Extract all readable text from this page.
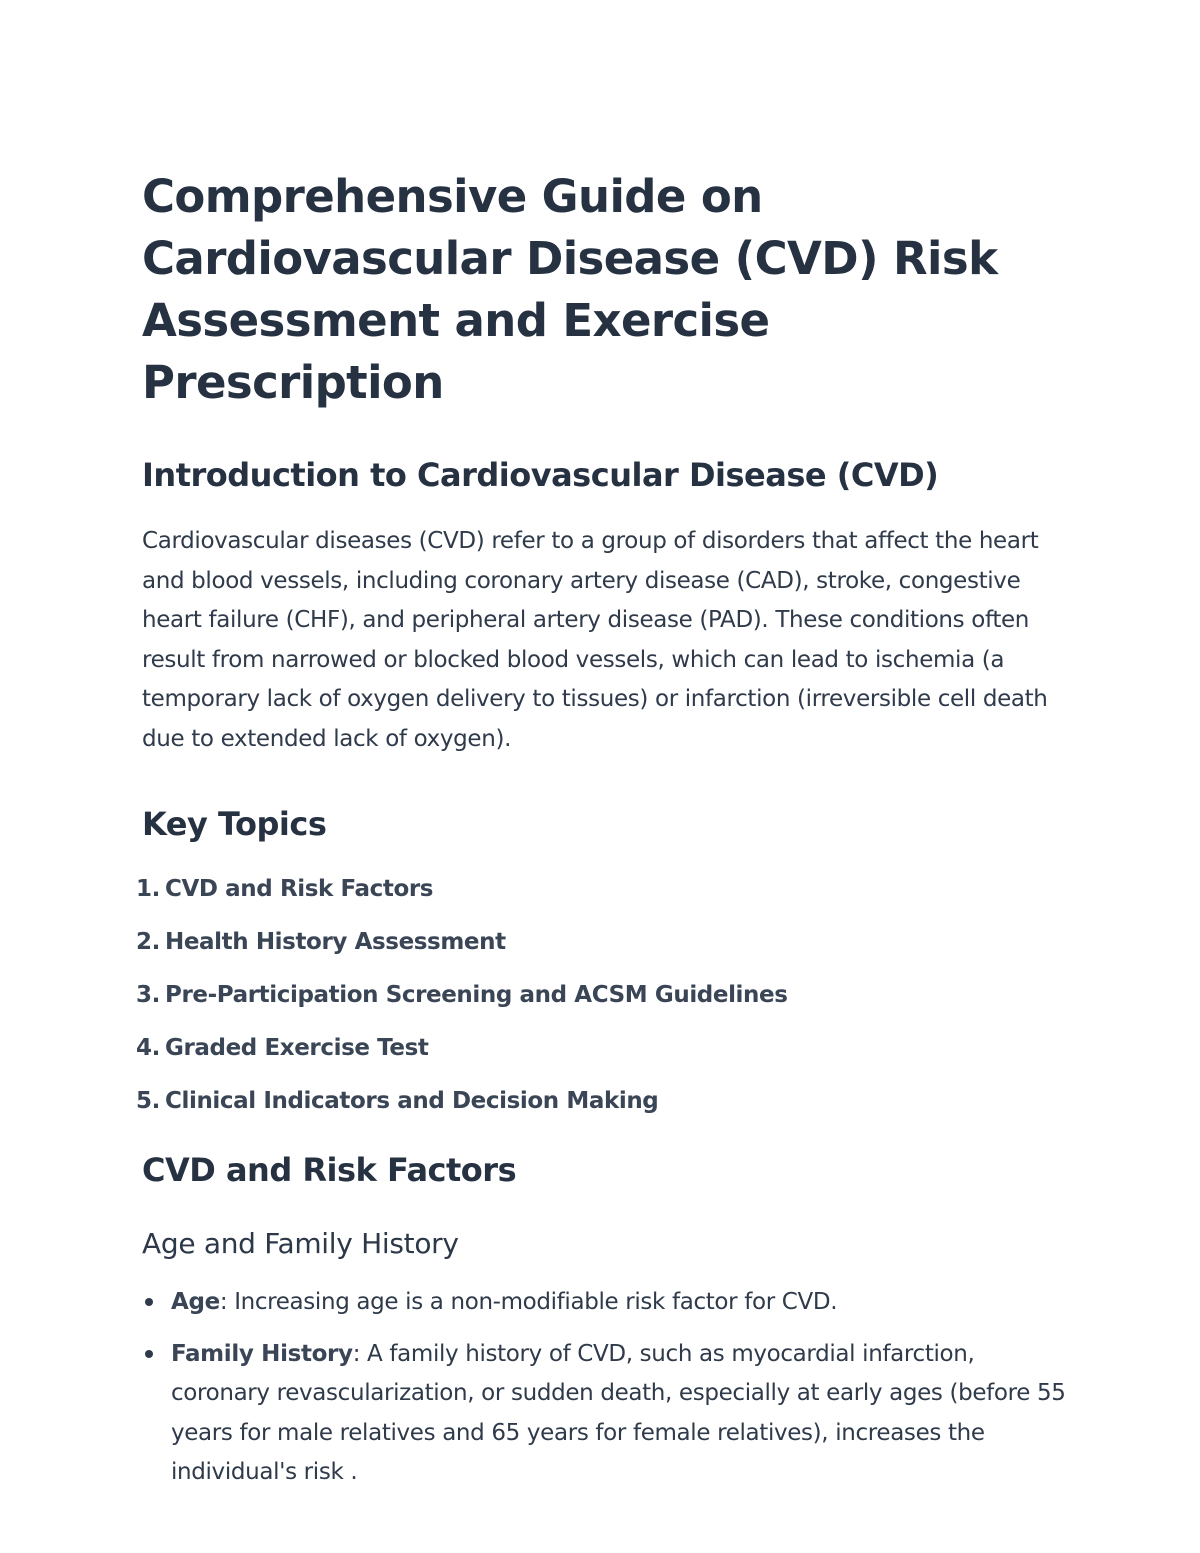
Comprehensive Guide on Cardiovascular Disease (CVD) Risk Assessment and Exercise Prescription
Introduction to Cardiovascular Disease (CVD)

Cardiovascular diseases (CVD) refer to a group of disorders that affect the heart and blood vessels, including coronary artery disease (CAD), stroke, congestive heart failure (CHF), and peripheral artery disease (PAD). These conditions often result from narrowed or blocked blood vessels, which can lead to ischemia (a temporary lack of oxygen delivery to tissues) or infarction (irreversible cell death due to extended lack of oxygen).

Key Topics
1. CVD and Risk Factors
2. Health History Assessment
3. Pre-Participation Screening and ACSM Guidelines
4. Graded Exercise Test
5. Clinical Indicators and Decision Making
CVD and Risk Factors
Age and Family History
Age: Increasing age is a non-modifiable risk factor for CVD.
Family History: A family history of CVD, such as myocardial infarction, coronary revascularization, or sudden death, especially at early ages (before 55 years for male relatives and 65 years for female relatives), increases the individual's risk .
